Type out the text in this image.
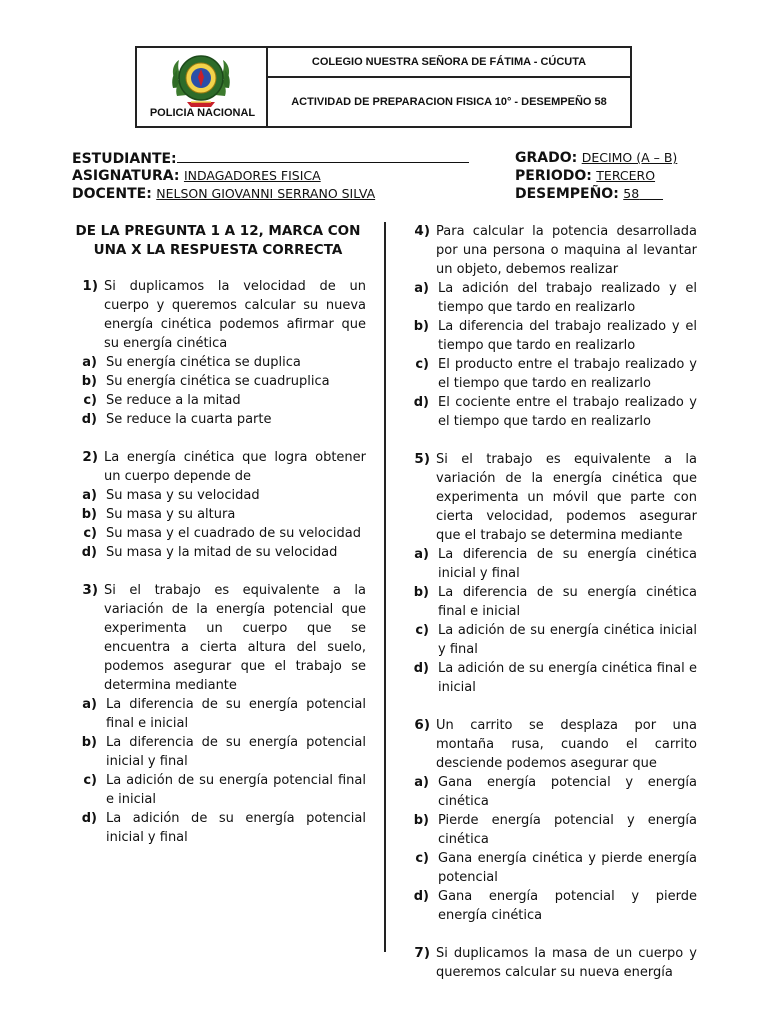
POLICIA NACIONAL
COLEGIO NUESTRA SEÑORA DE FÁTIMA - CÚCUTA
ACTIVIDAD DE PREPARACION FISICA 10° - DESEMPEÑO 58
ESTUDIANTE:
ASIGNATURA: INDAGADORES FISICA
DOCENTE: NELSON GIOVANNI SERRANO SILVA
GRADO: DECIMO (A – B)
PERIODO: TERCERO
DESEMPEÑO: 58
DE LA PREGUNTA 1 A 12, MARCA CON UNA X LA RESPUESTA CORRECTA
1) Si duplicamos la velocidad de un cuerpo y queremos calcular su nueva energía cinética podemos afirmar que su energía cinética
a) Su energía cinética se duplica
b) Su energía cinética se cuadruplica
c) Se reduce a la mitad
d) Se reduce la cuarta parte
2) La energía cinética que logra obtener un cuerpo depende de
a) Su masa y su velocidad
b) Su masa y su altura
c) Su masa y el cuadrado de su velocidad
d) Su masa y la mitad de su velocidad
3) Si el trabajo es equivalente a la variación de la energía potencial que experimenta un cuerpo que se encuentra a cierta altura del suelo, podemos asegurar que el trabajo se determina mediante
a) La diferencia de su energía potencial final e inicial
b) La diferencia de su energía potencial inicial y final
c) La adición de su energía potencial final e inicial
d) La adición de su energía potencial inicial y final
4) Para calcular la potencia desarrollada por una persona o maquina al levantar un objeto, debemos realizar
a) La adición del trabajo realizado y el tiempo que tardo en realizarlo
b) La diferencia del trabajo realizado y el tiempo que tardo en realizarlo
c) El producto entre el trabajo realizado y el tiempo que tardo en realizarlo
d) El cociente entre el trabajo realizado y el tiempo que tardo en realizarlo
5) Si el trabajo es equivalente a la variación de la energía cinética que experimenta un móvil que parte con cierta velocidad, podemos asegurar que el trabajo se determina mediante
a) La diferencia de su energía cinética inicial y final
b) La diferencia de su energía cinética final e inicial
c) La adición de su energía cinética inicial y final
d) La adición de su energía cinética final e inicial
6) Un carrito se desplaza por una montaña rusa, cuando el carrito desciende podemos asegurar que
a) Gana energía potencial y energía cinética
b) Pierde energía potencial y energía cinética
c) Gana energía cinética y pierde energía potencial
d) Gana energía potencial y pierde energía cinética
7) Si duplicamos la masa de un cuerpo y queremos calcular su nueva energía
